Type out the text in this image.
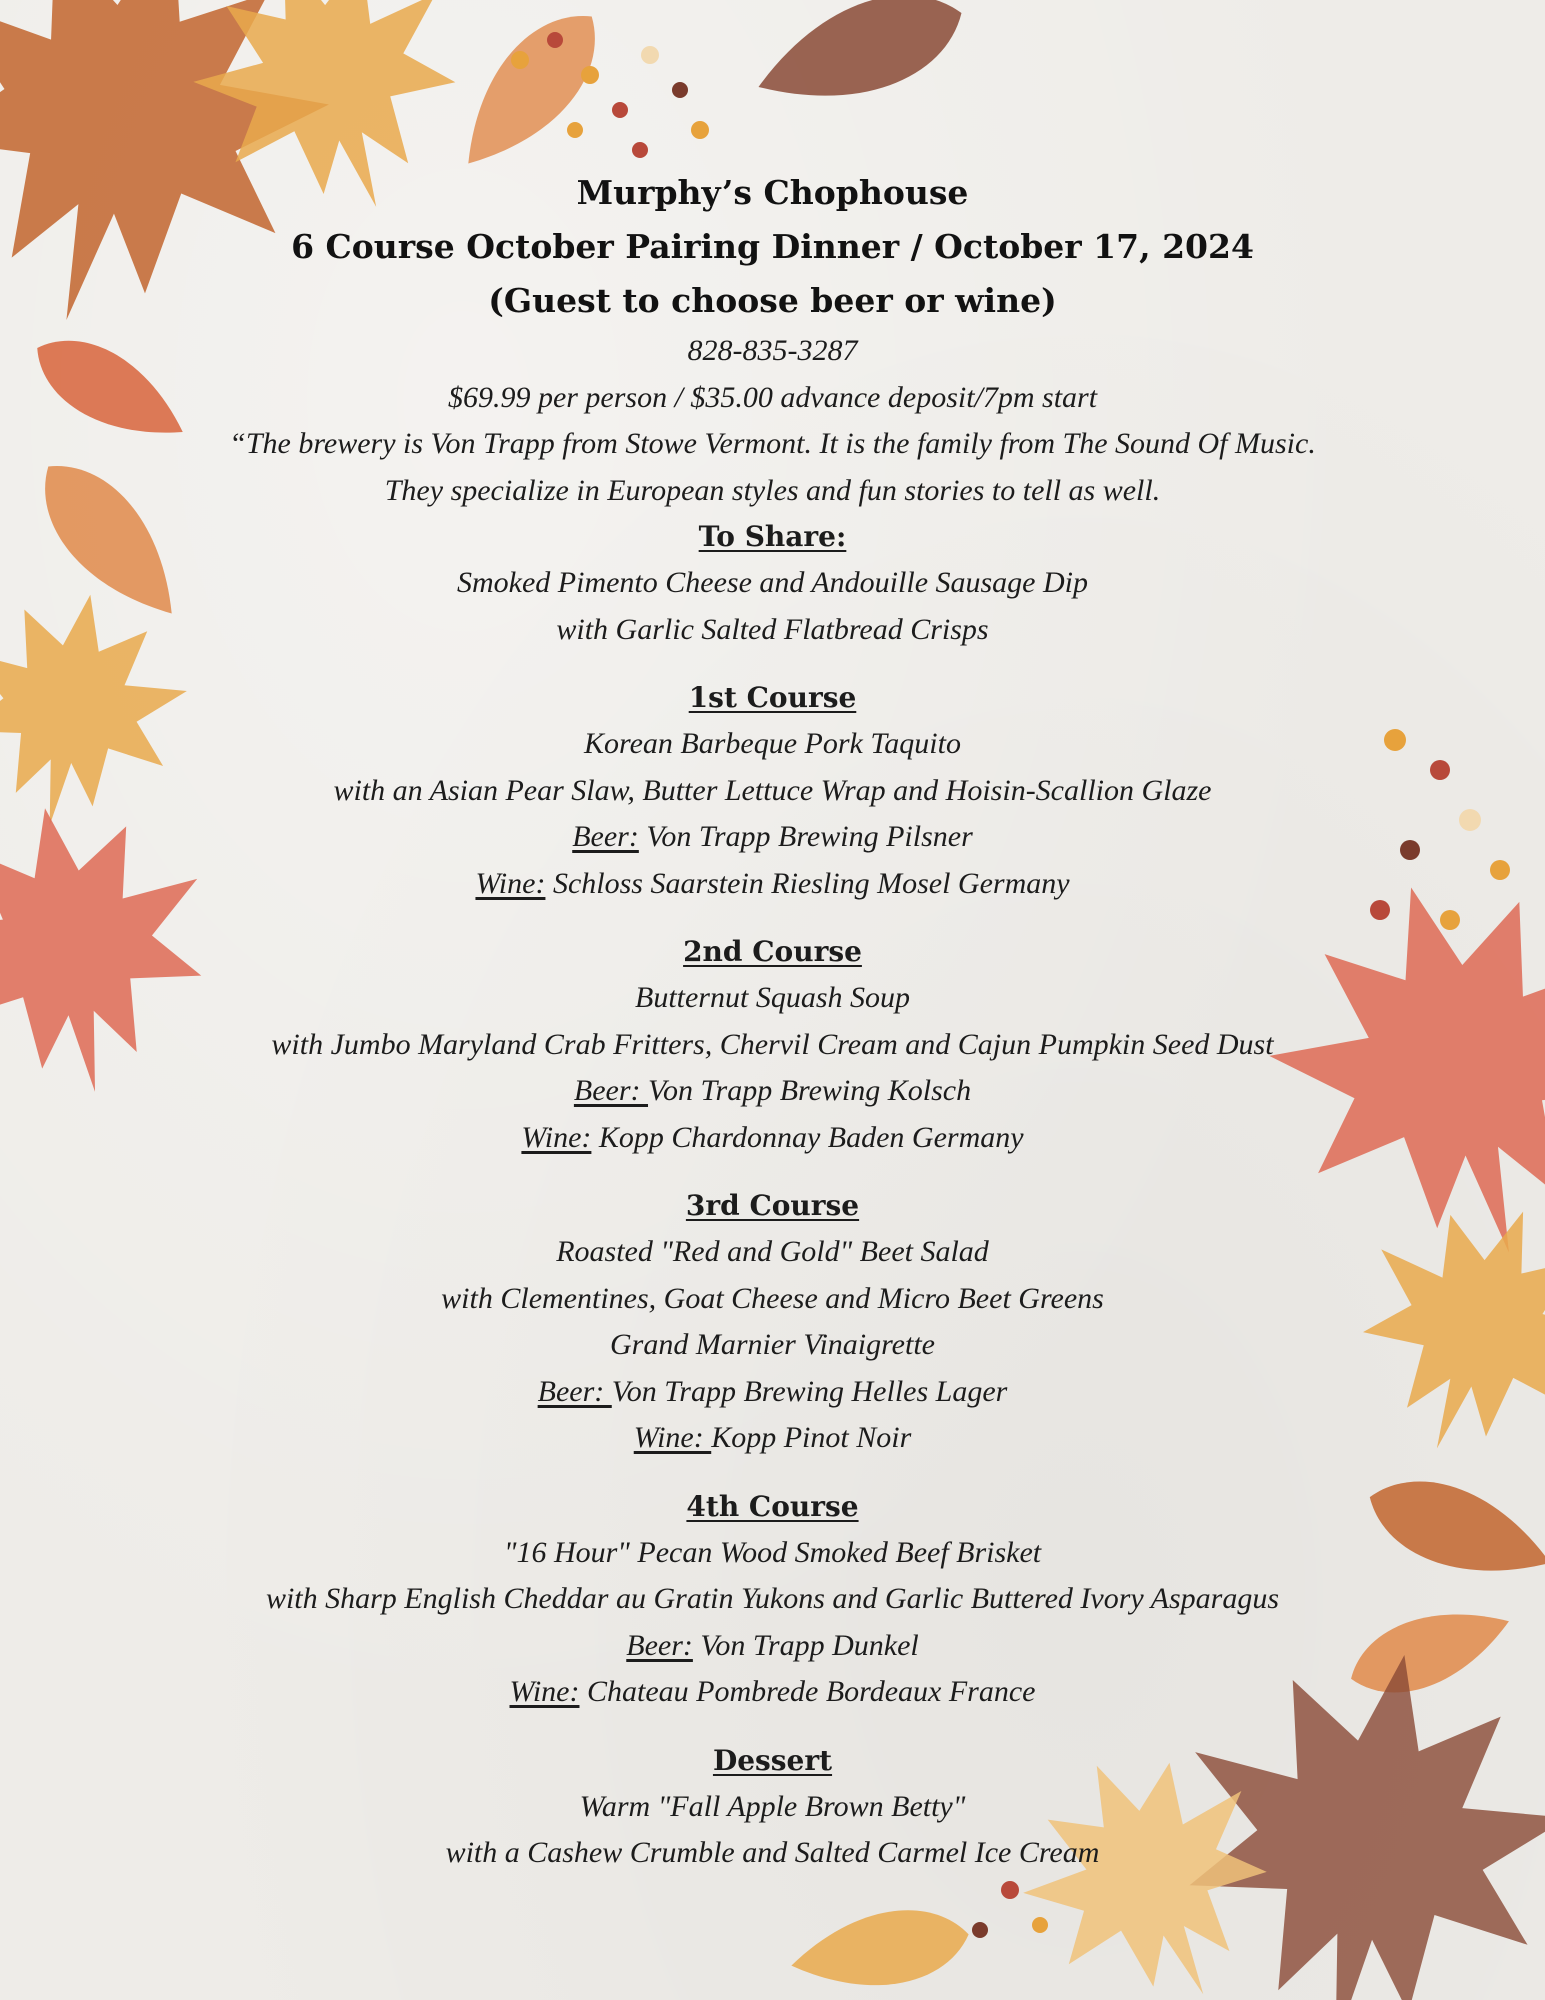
Murphy’s Chophouse

6 Course October Pairing Dinner / October 17, 2024

(Guest to choose beer or wine)

828-835-3287

$69.99 per person / $35.00 advance deposit/7pm start

“The brewery is Von Trapp from Stowe Vermont. It is the family from The Sound Of Music.

They specialize in European styles and fun stories to tell as well.

To Share:

Smoked Pimento Cheese and Andouille Sausage Dip

with Garlic Salted Flatbread Crisps

1st Course

Korean Barbeque Pork Taquito

with an Asian Pear Slaw, Butter Lettuce Wrap and Hoisin-Scallion Glaze

Beer: Von Trapp Brewing Pilsner

Wine: Schloss Saarstein Riesling Mosel Germany

2nd Course

Butternut Squash Soup

with Jumbo Maryland Crab Fritters, Chervil Cream and Cajun Pumpkin Seed Dust

Beer: Von Trapp Brewing Kolsch

Wine: Kopp Chardonnay Baden Germany

3rd Course

Roasted "Red and Gold" Beet Salad

with Clementines, Goat Cheese and Micro Beet Greens

Grand Marnier Vinaigrette

Beer: Von Trapp Brewing Helles Lager

Wine: Kopp Pinot Noir

4th Course

"16 Hour" Pecan Wood Smoked Beef Brisket

with Sharp English Cheddar au Gratin Yukons and Garlic Buttered Ivory Asparagus

Beer: Von Trapp Dunkel

Wine: Chateau Pombrede Bordeaux France

Dessert

Warm "Fall Apple Brown Betty"

with a Cashew Crumble and Salted Carmel Ice Cream
